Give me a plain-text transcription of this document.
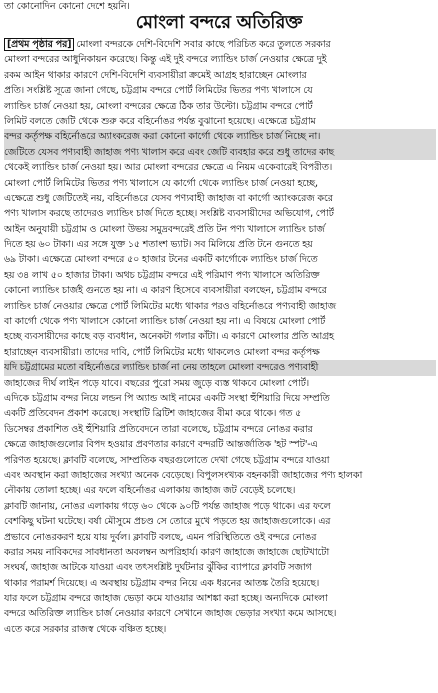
তা কোনোদিন কোনো দেশে হয়নি।
মোংলা বন্দরে অতিরিক্ত
[প্রথম পৃষ্ঠার পর] মোংলা বন্দরকে দেশি-বিদেশি সবার কাছে পরিচিত করে তুলতে সরকার
মোংলা বন্দরের আধুনিকায়ন করেছে। কিন্তু এই দুই বন্দরে ল্যান্ডিং চার্জ নেওয়ার ক্ষেত্রে দুই
রকম আইন থাকার কারণে দেশি-বিদেশি ব্যবসায়ীরা ক্রমেই আগ্রহ হারাচ্ছেন মোংলার
প্রতি। সংশ্লিষ্ট সূত্রে জানা গেছে, চট্টগ্রাম বন্দরে পোর্ট লিমিটের ভিতর পণ্য খালাসে যে
ল্যান্ডিং চার্জ নেওয়া হয়, মোংলা বন্দরের ক্ষেত্রে ঠিক তার উল্টো। চট্টগ্রাম বন্দরে পোর্ট
লিমিট বলতে জেটি থেকে শুরু করে বহির্নোঙর পর্যন্ত বুঝানো হয়েছে। এক্ষেত্রে চট্টগ্রাম
বন্দর কর্তৃপক্ষ বহির্নোঙরে অ্যাংকরেজ করা কোনো কার্গো থেকে ল্যান্ডিং চার্জ নিচ্ছে না।
জেটিতে যেসব পণ্যবাহী জাহাজ পণ্য খালাস করে এবং জেটি ব্যবহার করে শুধু তাদের কাছ
থেকেই ল্যান্ডিং চার্জ নেওয়া হয়। আর মোংলা বন্দরের ক্ষেত্রে এ নিয়ম একেবারেই বিপরীত।
মোংলা পোর্ট লিমিটের ভিতর পণ্য খালাসে যে কার্গো থেকে ল্যান্ডিং চার্জ নেওয়া হচ্ছে,
এক্ষেত্রে শুধু জেটিতেই নয়, বহির্নোঙরে যেসব পণ্যবাহী জাহাজ বা কার্গো অ্যাংকরেজ করে
পণ্য খালাস করছে তাদেরও ল্যান্ডিং চার্জ দিতে হচ্ছে। সংশ্লিষ্ট ব্যবসায়ীদের অভিযোগ, পোর্ট
আইন অনুযায়ী চট্টগ্রাম ও মোংলা উভয় সমুদ্রবন্দরেই প্রতি টন পণ্য খালাসে ল্যান্ডিং চার্জ
দিতে হয় ৬০ টাকা। এর সঙ্গে যুক্ত ১৫ শতাংশ ভ্যাট। সব মিলিয়ে প্রতি টনে গুনতে হয়
৬৯ টাকা। এক্ষেত্রে মোংলা বন্দরে ৫০ হাজার টনের একটি কার্গোকে ল্যান্ডিং চার্জ দিতে
হয় ৩৪ লাখ ৫০ হাজার টাকা। অথচ চট্টগ্রাম বন্দরে এই পরিমাণ পণ্য খালাসে অতিরিক্ত
কোনো ল্যান্ডিং চার্জই গুনতে হয় না। এ কারণ হিসেবে ব্যবসায়ীরা বলছেন, চট্টগ্রাম বন্দরে
ল্যান্ডিং চার্জ নেওয়ার ক্ষেত্রে পোর্ট লিমিটের মধ্যে থাকার পরও বহির্নোঙরে পণ্যবাহী জাহাজ
বা কার্গো থেকে পণ্য খালাসে কোনো ল্যান্ডিং চার্জ নেওয়া হয় না। এ বিষয়ে মোংলা পোর্ট
হচ্ছে ব্যবসায়ীদের কাছে বড় ব্যবধান, অনেকটা গলার কাঁটা। এ কারণে মোংলার প্রতি আগ্রহ
হারাচ্ছেন ব্যবসায়ীরা। তাদের দাবি, পোর্ট লিমিটের মধ্যে থাকলেও মোংলা বন্দর কর্তৃপক্ষ
যদি চট্টগ্রামের মতো বহির্নোঙরে ল্যান্ডিং চার্জ না নেয় তাহলে মোংলা বন্দরেও পণ্যবাহী
জাহাজের দীর্ঘ লাইন পড়ে যাবে। বছরের পুরো সময় জুড়ে ব্যস্ত থাকবে মোংলা পোর্ট।
এদিকে চট্টগ্রাম বন্দর নিয়ে লন্ডন পি অ্যান্ড আই নামের একটি সংস্থা হুঁশিয়ারি দিয়ে সম্প্রতি
একটি প্রতিবেদন প্রকাশ করেছে। সংস্থাটি ব্রিটিশ জাহাজের বীমা করে থাকে। গত ৫
ডিসেম্বর প্রকাশিত ওই হুঁশিয়ারি প্রতিবেদনে তারা বলেছে, চট্টগ্রাম বন্দরে নোঙর করার
ক্ষেত্রে জাহাজগুলোর বিপদ হওয়ার প্রবণতার কারণে বন্দরটি আন্তর্জাতিক 'হট স্পট'-এ
পরিণত হয়েছে। ক্লাবটি বলেছে, সাম্প্রতিক বছরগুলোতে দেখা গেছে চট্টগ্রাম বন্দরে যাওয়া
এবং অবস্থান করা জাহাজের সংখ্যা অনেক বেড়েছে। বিপুলসংখ্যক বহনকারী জাহাজের পণ্য হালকা
নৌকায় তোলা হচ্ছে। এর ফলে বহির্নোঙর এলাকায় জাহাজ জট বেড়েই চলেছে।
ক্লাবটি জানায়, নোঙর এলাকায় গড়ে ৬০ থেকে ৯০টি পর্যন্ত জাহাজ পড়ে থাকে। এর ফলে
বেশকিছু ঘটনা ঘটেছে। বর্ষা মৌসুমে প্রচণ্ড সে তোরে মুখে পড়তে হয় জাহাজগুলোকে। এর
প্রভাবে নোঙরকরণ হয়ে যায় দুর্বল। ক্লাবটি বলছে, এমন পরিস্থিতিতে ওই বন্দরে নোঙর
করার সময় নাবিকদের সাবধানতা অবলম্বন অপরিহার্য। কারণ জাহাজে জাহাজে ছোটখাটো
সংঘর্ষ, জাহাজ আটকে যাওয়া এবং তৎসংশ্লিষ্ট দুর্ঘটনার ঝুঁকির ব্যাপারে ক্লাবটি সজাগ
থাকার পরামর্শ দিয়েছে। এ অবস্থায় চট্টগ্রাম বন্দর নিয়ে এক ধরনের আতঙ্ক তৈরি হয়েছে।
যার ফলে চট্টগ্রাম বন্দরে জাহাজ ভেড়া কমে যাওয়ার আশঙ্কা করা হচ্ছে। অন্যদিকে মোংলা
বন্দরে অতিরিক্ত ল্যান্ডিং চার্জ নেওয়ার কারণে সেখানে জাহাজ ভেড়ার সংখ্যা কমে আসছে।
এতে করে সরকার রাজস্ব থেকে বঞ্চিত হচ্ছে।
